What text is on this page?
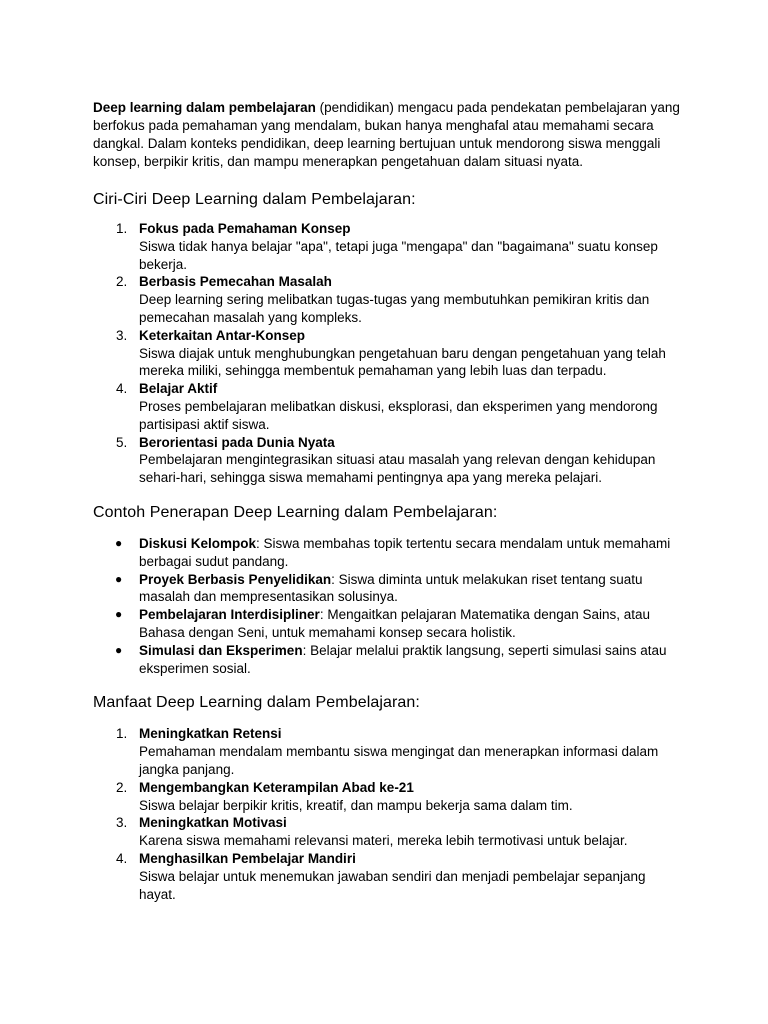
Deep learning dalam pembelajaran (pendidikan) mengacu pada pendekatan pembelajaran yang berfokus pada pemahaman yang mendalam, bukan hanya menghafal atau memahami secara dangkal. Dalam konteks pendidikan, deep learning bertujuan untuk mendorong siswa menggali konsep, berpikir kritis, dan mampu menerapkan pengetahuan dalam situasi nyata.

Ciri-Ciri Deep Learning dalam Pembelajaran:
1. Fokus pada Pemahaman Konsep
Siswa tidak hanya belajar "apa", tetapi juga "mengapa" dan "bagaimana" suatu konsep bekerja.
2. Berbasis Pemecahan Masalah
Deep learning sering melibatkan tugas-tugas yang membutuhkan pemikiran kritis dan pemecahan masalah yang kompleks.
3. Keterkaitan Antar-Konsep
Siswa diajak untuk menghubungkan pengetahuan baru dengan pengetahuan yang telah mereka miliki, sehingga membentuk pemahaman yang lebih luas dan terpadu.
4. Belajar Aktif
Proses pembelajaran melibatkan diskusi, eksplorasi, dan eksperimen yang mendorong partisipasi aktif siswa.
5. Berorientasi pada Dunia Nyata
Pembelajaran mengintegrasikan situasi atau masalah yang relevan dengan kehidupan sehari-hari, sehingga siswa memahami pentingnya apa yang mereka pelajari.
Contoh Penerapan Deep Learning dalam Pembelajaran:
● Diskusi Kelompok: Siswa membahas topik tertentu secara mendalam untuk memahami berbagai sudut pandang.
● Proyek Berbasis Penyelidikan: Siswa diminta untuk melakukan riset tentang suatu masalah dan mempresentasikan solusinya.
● Pembelajaran Interdisipliner: Mengaitkan pelajaran Matematika dengan Sains, atau Bahasa dengan Seni, untuk memahami konsep secara holistik.
● Simulasi dan Eksperimen: Belajar melalui praktik langsung, seperti simulasi sains atau eksperimen sosial.
Manfaat Deep Learning dalam Pembelajaran:
1. Meningkatkan Retensi
Pemahaman mendalam membantu siswa mengingat dan menerapkan informasi dalam jangka panjang.
2. Mengembangkan Keterampilan Abad ke-21
Siswa belajar berpikir kritis, kreatif, dan mampu bekerja sama dalam tim.
3. Meningkatkan Motivasi
Karena siswa memahami relevansi materi, mereka lebih termotivasi untuk belajar.
4. Menghasilkan Pembelajar Mandiri
Siswa belajar untuk menemukan jawaban sendiri dan menjadi pembelajar sepanjang hayat.
